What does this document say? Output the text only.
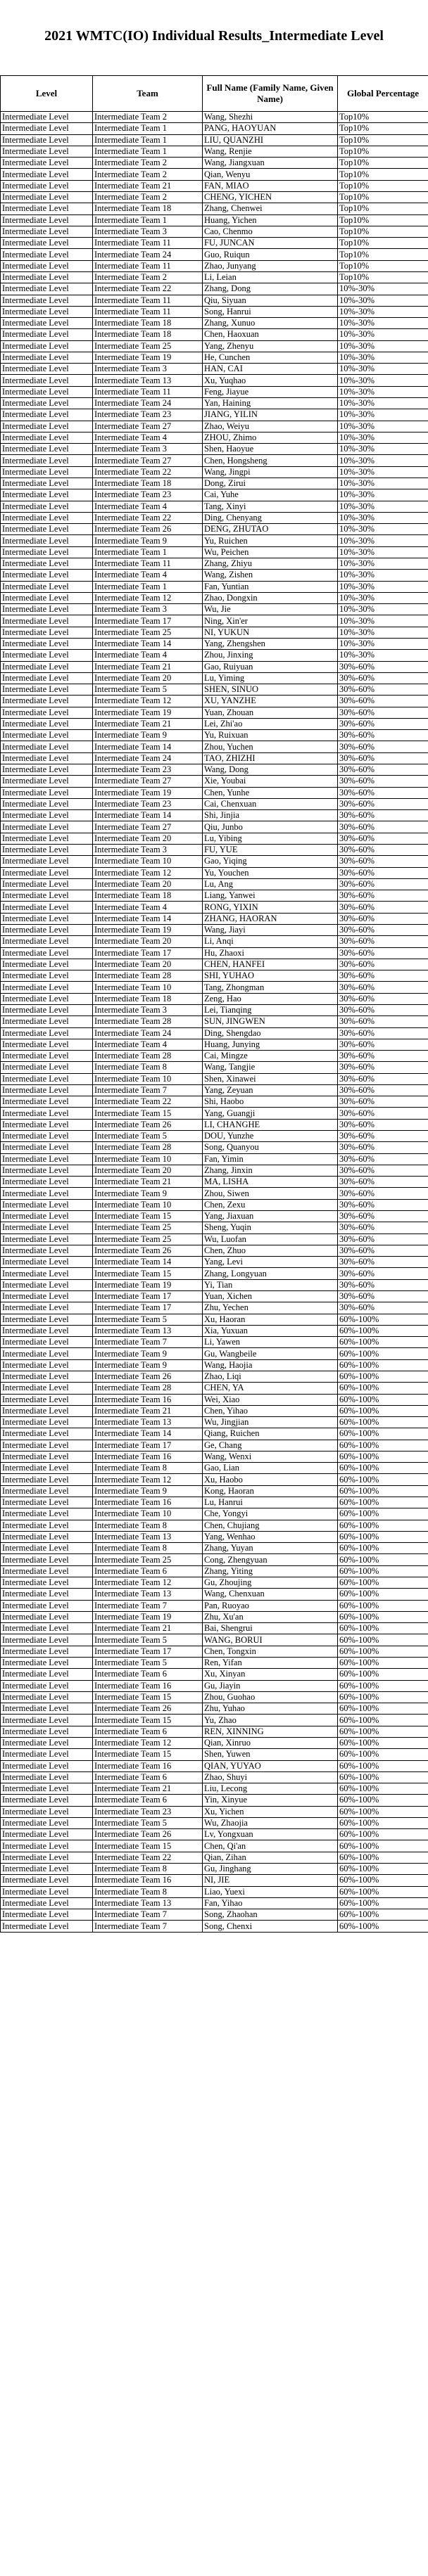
2021 WMTC(IO) Individual Results_Intermediate Level
Level	Team	Full Name (Family Name, Given Name)	Global Percentage
Intermediate Level	Intermediate Team 2	Wang, Shezhi	Top10%
Intermediate Level	Intermediate Team 1	PANG, HAOYUAN	Top10%
Intermediate Level	Intermediate Team 1	LIU, QUANZHI	Top10%
Intermediate Level	Intermediate Team 1	Wang, Renjie	Top10%
Intermediate Level	Intermediate Team 2	Wang, Jiangxuan	Top10%
Intermediate Level	Intermediate Team 2	Qian, Wenyu	Top10%
Intermediate Level	Intermediate Team 21	FAN, MIAO	Top10%
Intermediate Level	Intermediate Team 2	CHENG, YICHEN	Top10%
Intermediate Level	Intermediate Team 18	Zhang, Chenwei	Top10%
Intermediate Level	Intermediate Team 1	Huang, Yichen	Top10%
Intermediate Level	Intermediate Team 3	Cao, Chenmo	Top10%
Intermediate Level	Intermediate Team 11	FU, JUNCAN	Top10%
Intermediate Level	Intermediate Team 24	Guo, Ruiqun	Top10%
Intermediate Level	Intermediate Team 11	Zhao, Junyang	Top10%
Intermediate Level	Intermediate Team 2	Li, Leian	Top10%
Intermediate Level	Intermediate Team 22	Zhang, Dong	10%-30%
Intermediate Level	Intermediate Team 11	Qiu, Siyuan	10%-30%
Intermediate Level	Intermediate Team 11	Song, Hanrui	10%-30%
Intermediate Level	Intermediate Team 18	Zhang, Xunuo	10%-30%
Intermediate Level	Intermediate Team 18	Chen, Haoxuan	10%-30%
Intermediate Level	Intermediate Team 25	Yang, Zhenyu	10%-30%
Intermediate Level	Intermediate Team 19	He, Cunchen	10%-30%
Intermediate Level	Intermediate Team 3	HAN, CAI	10%-30%
Intermediate Level	Intermediate Team 13	Xu, Yuqhao	10%-30%
Intermediate Level	Intermediate Team 11	Feng, Jiayue	10%-30%
Intermediate Level	Intermediate Team 24	Yan, Haining	10%-30%
Intermediate Level	Intermediate Team 23	JIANG, YILIN	10%-30%
Intermediate Level	Intermediate Team 27	Zhao, Weiyu	10%-30%
Intermediate Level	Intermediate Team 4	ZHOU, Zhimo	10%-30%
Intermediate Level	Intermediate Team 3	Shen, Haoyue	10%-30%
Intermediate Level	Intermediate Team 27	Chen, Hongsheng	10%-30%
Intermediate Level	Intermediate Team 22	Wang, Jingpi	10%-30%
Intermediate Level	Intermediate Team 18	Dong, Zirui	10%-30%
Intermediate Level	Intermediate Team 23	Cai, Yuhe	10%-30%
Intermediate Level	Intermediate Team 4	Tang, Xinyi	10%-30%
Intermediate Level	Intermediate Team 22	Ding, Chenyang	10%-30%
Intermediate Level	Intermediate Team 26	DENG, ZHUTAO	10%-30%
Intermediate Level	Intermediate Team 9	Yu, Ruichen	10%-30%
Intermediate Level	Intermediate Team 1	Wu, Peichen	10%-30%
Intermediate Level	Intermediate Team 11	Zhang, Zhiyu	10%-30%
Intermediate Level	Intermediate Team 4	Wang, Zishen	10%-30%
Intermediate Level	Intermediate Team 1	Fan, Yuntian	10%-30%
Intermediate Level	Intermediate Team 12	Zhao, Dongxin	10%-30%
Intermediate Level	Intermediate Team 3	Wu, Jie	10%-30%
Intermediate Level	Intermediate Team 17	Ning, Xin'er	10%-30%
Intermediate Level	Intermediate Team 25	NI, YUKUN	10%-30%
Intermediate Level	Intermediate Team 14	Yang, Zhengshen	10%-30%
Intermediate Level	Intermediate Team 4	Zhou, Jinxing	10%-30%
Intermediate Level	Intermediate Team 21	Gao, Ruiyuan	30%-60%
Intermediate Level	Intermediate Team 20	Lu, Yiming	30%-60%
Intermediate Level	Intermediate Team 5	SHEN, SINUO	30%-60%
Intermediate Level	Intermediate Team 12	XU, YANZHE	30%-60%
Intermediate Level	Intermediate Team 19	Yuan, Zhouan	30%-60%
Intermediate Level	Intermediate Team 21	Lei, Zhi'ao	30%-60%
Intermediate Level	Intermediate Team 9	Yu, Ruixuan	30%-60%
Intermediate Level	Intermediate Team 14	Zhou, Yuchen	30%-60%
Intermediate Level	Intermediate Team 24	TAO, ZHIZHI	30%-60%
Intermediate Level	Intermediate Team 23	Wang, Dong	30%-60%
Intermediate Level	Intermediate Team 27	Xie, Youbai	30%-60%
Intermediate Level	Intermediate Team 19	Chen, Yunhe	30%-60%
Intermediate Level	Intermediate Team 23	Cai, Chenxuan	30%-60%
Intermediate Level	Intermediate Team 14	Shi, Jinjia	30%-60%
Intermediate Level	Intermediate Team 27	Qiu, Junbo	30%-60%
Intermediate Level	Intermediate Team 20	Lu, Yibing	30%-60%
Intermediate Level	Intermediate Team 3	FU, YUE	30%-60%
Intermediate Level	Intermediate Team 10	Gao, Yiqing	30%-60%
Intermediate Level	Intermediate Team 12	Yu, Youchen	30%-60%
Intermediate Level	Intermediate Team 20	Lu, Ang	30%-60%
Intermediate Level	Intermediate Team 18	Liang, Yanwei	30%-60%
Intermediate Level	Intermediate Team 4	RONG, YIXIN	30%-60%
Intermediate Level	Intermediate Team 14	ZHANG, HAORAN	30%-60%
Intermediate Level	Intermediate Team 19	Wang, Jiayi	30%-60%
Intermediate Level	Intermediate Team 20	Li, Anqi	30%-60%
Intermediate Level	Intermediate Team 17	Hu, Zhaoxi	30%-60%
Intermediate Level	Intermediate Team 20	CHEN, HANFEI	30%-60%
Intermediate Level	Intermediate Team 28	SHI, YUHAO	30%-60%
Intermediate Level	Intermediate Team 10	Tang, Zhongman	30%-60%
Intermediate Level	Intermediate Team 18	Zeng, Hao	30%-60%
Intermediate Level	Intermediate Team 3	Lei, Tianqing	30%-60%
Intermediate Level	Intermediate Team 28	SUN, JINGWEN	30%-60%
Intermediate Level	Intermediate Team 24	Ding, Shengdao	30%-60%
Intermediate Level	Intermediate Team 4	Huang, Junying	30%-60%
Intermediate Level	Intermediate Team 28	Cai, Mingze	30%-60%
Intermediate Level	Intermediate Team 8	Wang, Tangjie	30%-60%
Intermediate Level	Intermediate Team 10	Shen, Xinawei	30%-60%
Intermediate Level	Intermediate Team 7	Yang, Zeyuan	30%-60%
Intermediate Level	Intermediate Team 22	Shi, Haobo	30%-60%
Intermediate Level	Intermediate Team 15	Yang, Guangji	30%-60%
Intermediate Level	Intermediate Team 26	LI, CHANGHE	30%-60%
Intermediate Level	Intermediate Team 5	DOU, Yunzhe	30%-60%
Intermediate Level	Intermediate Team 28	Song, Quanyou	30%-60%
Intermediate Level	Intermediate Team 10	Fan, Yimin	30%-60%
Intermediate Level	Intermediate Team 20	Zhang, Jinxin	30%-60%
Intermediate Level	Intermediate Team 21	MA, LISHA	30%-60%
Intermediate Level	Intermediate Team 9	Zhou, Siwen	30%-60%
Intermediate Level	Intermediate Team 10	Chen, Zexu	30%-60%
Intermediate Level	Intermediate Team 15	Yang, Jiaxuan	30%-60%
Intermediate Level	Intermediate Team 25	Sheng, Yuqin	30%-60%
Intermediate Level	Intermediate Team 25	Wu, Luofan	30%-60%
Intermediate Level	Intermediate Team 26	Chen, Zhuo	30%-60%
Intermediate Level	Intermediate Team 14	Yang, Levi	30%-60%
Intermediate Level	Intermediate Team 15	Zhang, Longyuan	30%-60%
Intermediate Level	Intermediate Team 19	Yi, Tian	30%-60%
Intermediate Level	Intermediate Team 17	Yuan, Xichen	30%-60%
Intermediate Level	Intermediate Team 17	Zhu, Yechen	30%-60%
Intermediate Level	Intermediate Team 5	Xu, Haoran	60%-100%
Intermediate Level	Intermediate Team 13	Xia, Yuxuan	60%-100%
Intermediate Level	Intermediate Team 7	Li, Yawen	60%-100%
Intermediate Level	Intermediate Team 9	Gu, Wangbeile	60%-100%
Intermediate Level	Intermediate Team 9	Wang, Haojia	60%-100%
Intermediate Level	Intermediate Team 26	Zhao, Liqi	60%-100%
Intermediate Level	Intermediate Team 28	CHEN, YA	60%-100%
Intermediate Level	Intermediate Team 16	Wei, Xiao	60%-100%
Intermediate Level	Intermediate Team 21	Chen, Yihao	60%-100%
Intermediate Level	Intermediate Team 13	Wu, Jingjian	60%-100%
Intermediate Level	Intermediate Team 14	Qiang, Ruichen	60%-100%
Intermediate Level	Intermediate Team 17	Ge, Chang	60%-100%
Intermediate Level	Intermediate Team 16	Wang, Wenxi	60%-100%
Intermediate Level	Intermediate Team 8	Gao, Lian	60%-100%
Intermediate Level	Intermediate Team 12	Xu, Haobo	60%-100%
Intermediate Level	Intermediate Team 9	Kong, Haoran	60%-100%
Intermediate Level	Intermediate Team 16	Lu, Hanrui	60%-100%
Intermediate Level	Intermediate Team 10	Che, Yongyi	60%-100%
Intermediate Level	Intermediate Team 8	Chen, Chujiang	60%-100%
Intermediate Level	Intermediate Team 13	Yang, Wenhao	60%-100%
Intermediate Level	Intermediate Team 8	Zhang, Yuyan	60%-100%
Intermediate Level	Intermediate Team 25	Cong, Zhengyuan	60%-100%
Intermediate Level	Intermediate Team 6	Zhang, Yiting	60%-100%
Intermediate Level	Intermediate Team 12	Gu, Zhoujing	60%-100%
Intermediate Level	Intermediate Team 13	Wang, Chenxuan	60%-100%
Intermediate Level	Intermediate Team 7	Pan, Ruoyao	60%-100%
Intermediate Level	Intermediate Team 19	Zhu, Xu'an	60%-100%
Intermediate Level	Intermediate Team 21	Bai, Shengrui	60%-100%
Intermediate Level	Intermediate Team 5	WANG, BORUI	60%-100%
Intermediate Level	Intermediate Team 17	Chen, Tongxin	60%-100%
Intermediate Level	Intermediate Team 5	Ren, Yifan	60%-100%
Intermediate Level	Intermediate Team 6	Xu, Xinyan	60%-100%
Intermediate Level	Intermediate Team 16	Gu, Jiayin	60%-100%
Intermediate Level	Intermediate Team 15	Zhou, Guohao	60%-100%
Intermediate Level	Intermediate Team 26	Zhu, Yuhao	60%-100%
Intermediate Level	Intermediate Team 15	Yu, Zhao	60%-100%
Intermediate Level	Intermediate Team 6	REN, XINNING	60%-100%
Intermediate Level	Intermediate Team 12	Qian, Xinruo	60%-100%
Intermediate Level	Intermediate Team 15	Shen, Yuwen	60%-100%
Intermediate Level	Intermediate Team 16	QIAN, YUYAO	60%-100%
Intermediate Level	Intermediate Team 6	Zhao, Shuyi	60%-100%
Intermediate Level	Intermediate Team 21	Liu, Lecong	60%-100%
Intermediate Level	Intermediate Team 6	Yin, Xinyue	60%-100%
Intermediate Level	Intermediate Team 23	Xu, Yichen	60%-100%
Intermediate Level	Intermediate Team 5	Wu, Zhaojia	60%-100%
Intermediate Level	Intermediate Team 26	Lv, Yongxuan	60%-100%
Intermediate Level	Intermediate Team 15	Chen, Qi'an	60%-100%
Intermediate Level	Intermediate Team 22	Qian, Zihan	60%-100%
Intermediate Level	Intermediate Team 8	Gu, Jinghang	60%-100%
Intermediate Level	Intermediate Team 16	NI, JIE	60%-100%
Intermediate Level	Intermediate Team 8	Liao, Yuexi	60%-100%
Intermediate Level	Intermediate Team 13	Fan, Yihao	60%-100%
Intermediate Level	Intermediate Team 7	Song, Zhaohan	60%-100%
Intermediate Level	Intermediate Team 7	Song, Chenxi	60%-100%
